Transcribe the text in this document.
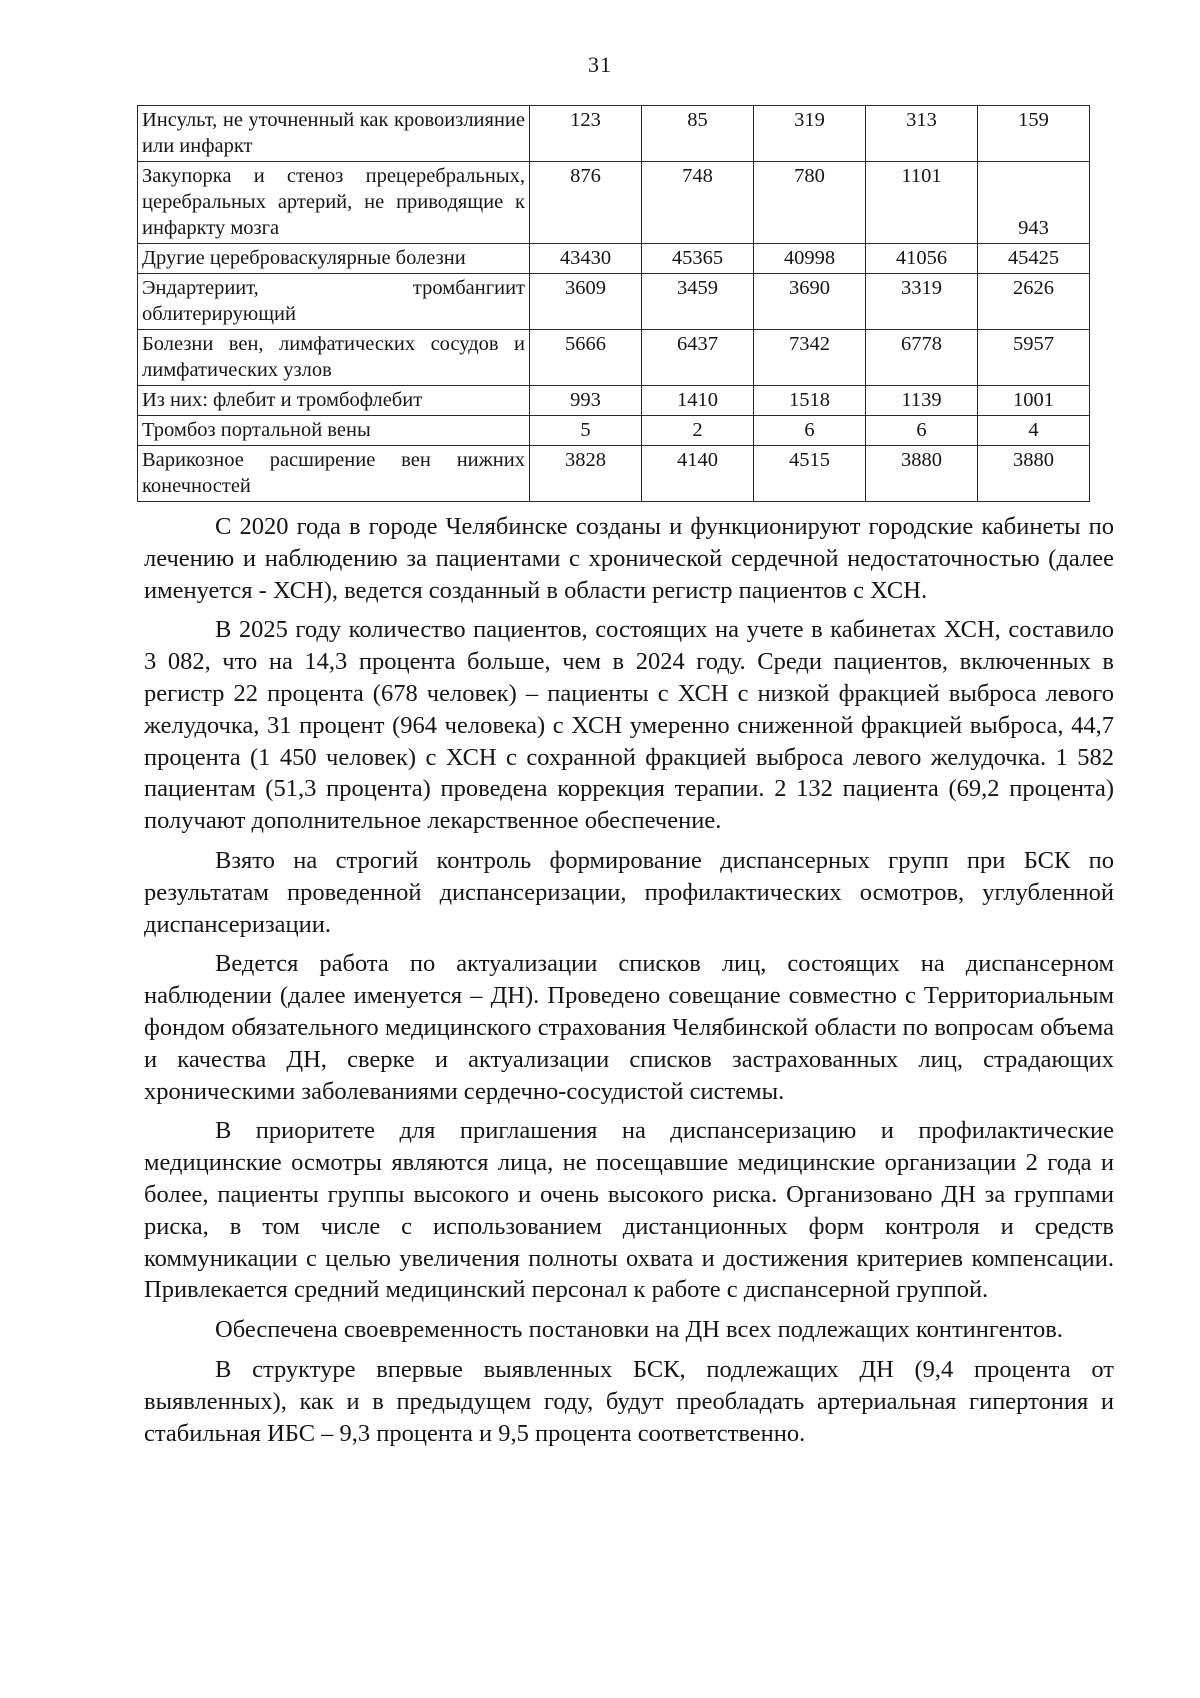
31
Инсульт, не уточненный как кровоизлияние или инфаркт	123	85	319	313	159
Закупорка и стеноз прецеребральных, церебральных артерий, не приводящие к инфаркту мозга	876	748	780	1101	943
Другие цереброваскулярные болезни	43430	45365	40998	41056	45425
Эндартериит, тромбангиит облитерирующий	3609	3459	3690	3319	2626
Болезни вен, лимфатических сосудов и лимфатических узлов	5666	6437	7342	6778	5957
Из них: флебит и тромбофлебит	993	1410	1518	1139	1001
Тромбоз портальной вены	5	2	6	6	4
Варикозное расширение вен нижних конечностей	3828	4140	4515	3880	3880

С 2020 года в городе Челябинске созданы и функционируют городские кабинеты по лечению и наблюдению за пациентами с хронической сердечной недостаточностью (далее именуется - ХСН), ведется созданный в области регистр пациентов с ХСН.

В 2025 году количество пациентов, состоящих на учете в кабинетах ХСН, составило 3 082, что на 14,3 процента больше, чем в 2024 году. Среди пациентов, включенных в регистр 22 процента (678 человек) – пациенты с ХСН с низкой фракцией выброса левого желудочка, 31 процент (964 человека) с ХСН умеренно сниженной фракцией выброса, 44,7 процента (1 450 человек) с ХСН с сохранной фракцией выброса левого желудочка. 1 582 пациентам (51,3 процента) проведена коррекция терапии. 2 132 пациента (69,2 процента) получают дополнительное лекарственное обеспечение.

Взято на строгий контроль формирование диспансерных групп при БСК по результатам проведенной диспансеризации, профилактических осмотров, углубленной диспансеризации.

Ведется работа по актуализации списков лиц, состоящих на диспансерном наблюдении (далее именуется – ДН). Проведено совещание совместно с Территориальным фондом обязательного медицинского страхования Челябинской области по вопросам объема и качества ДН, сверке и актуализации списков застрахованных лиц, страдающих хроническими заболеваниями сердечно-сосудистой системы.

В приоритете для приглашения на диспансеризацию и профилактические медицинские осмотры являются лица, не посещавшие медицинские организации 2 года и более, пациенты группы высокого и очень высокого риска. Организовано ДН за группами риска, в том числе с использованием дистанционных форм контроля и средств коммуникации с целью увеличения полноты охвата и достижения критериев компенсации. Привлекается средний медицинский персонал к работе с диспансерной группой.

Обеспечена своевременность постановки на ДН всех подлежащих контингентов.

В структуре впервые выявленных БСК, подлежащих ДН (9,4 процента от выявленных), как и в предыдущем году, будут преобладать артериальная гипертония и стабильная ИБС – 9,3 процента и 9,5 процента соответственно.
